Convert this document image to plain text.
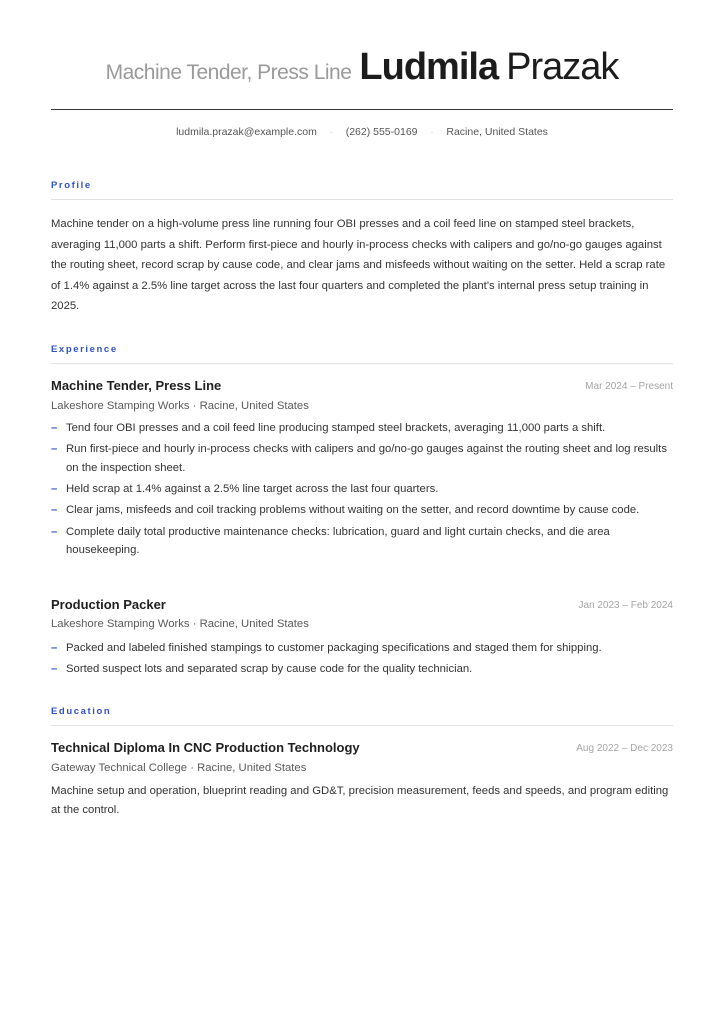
Machine Tender, Press Line Ludmila Prazak
ludmila.prazak@example.com · (262) 555-0169 · Racine, United States
Profile
Machine tender on a high-volume press line running four OBI presses and a coil feed line on stamped steel brackets, averaging 11,000 parts a shift. Perform first-piece and hourly in-process checks with calipers and go/no-go gauges against the routing sheet, record scrap by cause code, and clear jams and misfeeds without waiting on the setter. Held a scrap rate of 1.4% against a 2.5% line target across the last four quarters and completed the plant's internal press setup training in 2025.
Experience
Machine Tender, Press Line	Mar 2024 – Present
Lakeshore Stamping Works · Racine, United States
– Tend four OBI presses and a coil feed line producing stamped steel brackets, averaging 11,000 parts a shift.
– Run first-piece and hourly in-process checks with calipers and go/no-go gauges against the routing sheet and log results on the inspection sheet.
– Held scrap at 1.4% against a 2.5% line target across the last four quarters.
– Clear jams, misfeeds and coil tracking problems without waiting on the setter, and record downtime by cause code.
– Complete daily total productive maintenance checks: lubrication, guard and light curtain checks, and die area housekeeping.
Production Packer	Jan 2023 – Feb 2024
Lakeshore Stamping Works · Racine, United States
– Packed and labeled finished stampings to customer packaging specifications and staged them for shipping.
– Sorted suspect lots and separated scrap by cause code for the quality technician.
Education
Technical Diploma In CNC Production Technology	Aug 2022 – Dec 2023
Gateway Technical College · Racine, United States
Machine setup and operation, blueprint reading and GD&T, precision measurement, feeds and speeds, and program editing at the control.
